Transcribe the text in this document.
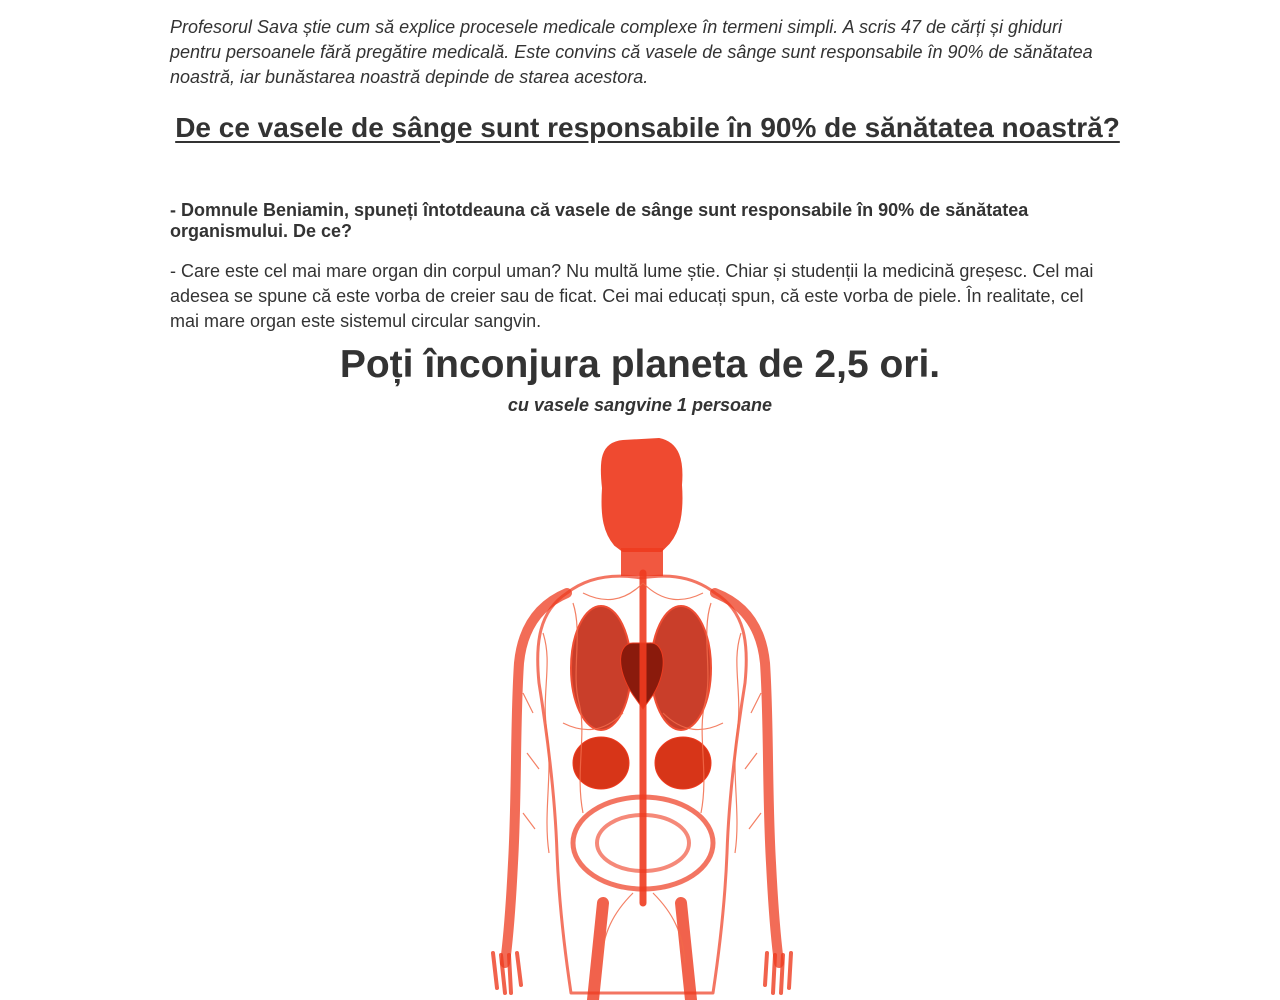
Profesorul Sava știe cum să explice procesele medicale complexe în termeni simpli. A scris 47 de cărți și ghiduri pentru persoanele fără pregătire medicală. Este convins că vasele de sânge sunt responsabile în 90% de sănătatea noastră, iar bunăstarea noastră depinde de starea acestora.

De ce vasele de sânge sunt responsabile în 90% de sănătatea noastră?

- Domnule Beniamin, spuneți întotdeauna că vasele de sânge sunt responsabile în 90% de sănătatea organismului. De ce?

- Care este cel mai mare organ din corpul uman? Nu multă lume știe. Chiar și studenții la medicină greșesc. Cel mai adesea se spune că este vorba de creier sau de ficat. Cei mai educați spun, că este vorba de piele. În realitate, cel mai mare organ este sistemul circular sangvin.

Poți înconjura planeta de 2,5 ori.

cu vasele sangvine 1 persoane
